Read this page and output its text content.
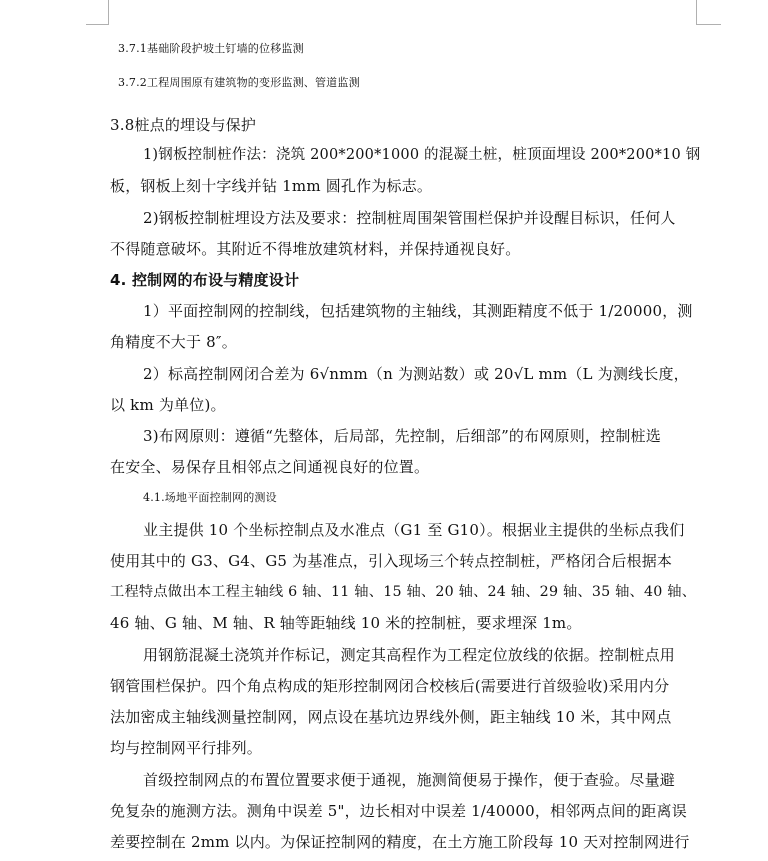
3.7.1基础阶段护坡土钉墙的位移监测
3.7.2工程周围原有建筑物的变形监测、管道监测
3.8桩点的埋设与保护
1)钢板控制桩作法：浇筑 200*200*1000 的混凝土桩，桩顶面埋设 200*200*10 钢
板，钢板上刻十字线并钻 1mm 圆孔作为标志。
2)钢板控制桩埋设方法及要求：控制桩周围架管围栏保护并设醒目标识，任何人
不得随意破坏。其附近不得堆放建筑材料，并保持通视良好。
4. 控制网的布设与精度设计
1）平面控制网的控制线，包括建筑物的主轴线，其测距精度不低于 1/20000，测
角精度不大于 8″。
2）标高控制网闭合差为 6√nmm（n 为测站数）或 20√L mm（L 为测线长度，
以 km 为单位)。
3)布网原则：遵循“先整体，后局部，先控制，后细部”的布网原则，控制桩选
在安全、易保存且相邻点之间通视良好的位置。
4.1.场地平面控制网的测设
业主提供 10 个坐标控制点及水准点（G1 至 G10）。根据业主提供的坐标点我们
使用其中的 G3、G4、G5 为基准点，引入现场三个转点控制桩，严格闭合后根据本
工程特点做出本工程主轴线 6 轴、11 轴、15 轴、20 轴、24 轴、29 轴、35 轴、40 轴、
46 轴、G 轴、M 轴、R 轴等距轴线 10 米的控制桩，要求埋深 1m。
用钢筋混凝土浇筑并作标记，测定其高程作为工程定位放线的依据。控制桩点用
钢管围栏保护。四个角点构成的矩形控制网闭合校核后(需要进行首级验收)采用内分
法加密成主轴线测量控制网，网点设在基坑边界线外侧，距主轴线 10 米，其中网点
均与控制网平行排列。
首级控制网点的布置位置要求便于通视，施测简便易于操作，便于查验。尽量避
免复杂的施测方法。测角中误差 5"，边长相对中误差 1/40000，相邻两点间的距离误
差要控制在 2mm 以内。为保证控制网的精度，在土方施工阶段每 10 天对控制网进行
